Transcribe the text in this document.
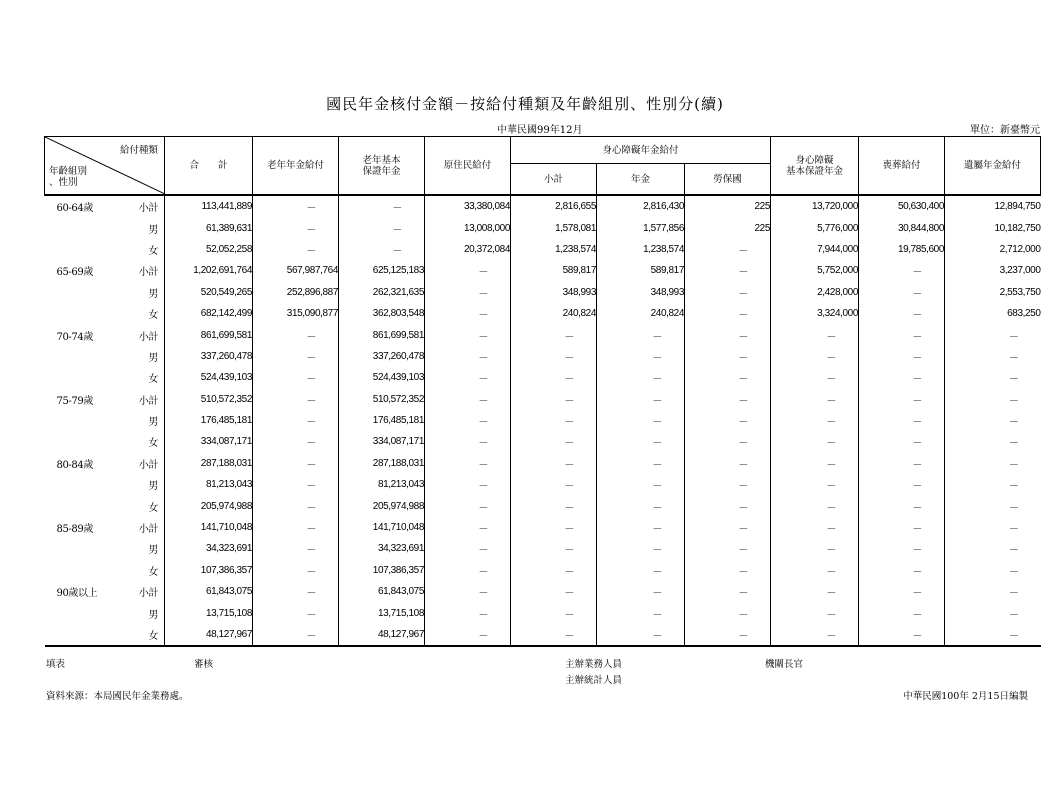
國民年金核付金額－按給付種類及年齡組別、性別分(續)
中華民國99年12月	單位：新臺幣元
給付種類
年齡組別
、性別		合　　計	老年年金給付	老年基本
保證年金	原住民給付	身心障礙年金給付			身心障礙
基本保證年金	喪葬給付	遺屬年金給付
						小計	年金	勞保國			
60-64歲	小計	113,441,889	－	－	33,380,084	2,816,655	2,816,430	225	13,720,000	50,630,400	12,894,750
	男	61,389,631	－	－	13,008,000	1,578,081	1,577,856	225	5,776,000	30,844,800	10,182,750
	女	52,052,258	－	－	20,372,084	1,238,574	1,238,574	－	7,944,000	19,785,600	2,712,000
65-69歲	小計	1,202,691,764	567,987,764	625,125,183	－	589,817	589,817	－	5,752,000	－	3,237,000
	男	520,549,265	252,896,887	262,321,635	－	348,993	348,993	－	2,428,000	－	2,553,750
	女	682,142,499	315,090,877	362,803,548	－	240,824	240,824	－	3,324,000	－	683,250
70-74歲	小計	861,699,581	－	861,699,581	－	－	－	－	－	－	－
	男	337,260,478	－	337,260,478	－	－	－	－	－	－	－
	女	524,439,103	－	524,439,103	－	－	－	－	－	－	－
75-79歲	小計	510,572,352	－	510,572,352	－	－	－	－	－	－	－
	男	176,485,181	－	176,485,181	－	－	－	－	－	－	－
	女	334,087,171	－	334,087,171	－	－	－	－	－	－	－
80-84歲	小計	287,188,031	－	287,188,031	－	－	－	－	－	－	－
	男	81,213,043	－	81,213,043	－	－	－	－	－	－	－
	女	205,974,988	－	205,974,988	－	－	－	－	－	－	－
85-89歲	小計	141,710,048	－	141,710,048	－	－	－	－	－	－	－
	男	34,323,691	－	34,323,691	－	－	－	－	－	－	－
	女	107,386,357	－	107,386,357	－	－	－	－	－	－	－
90歲以上	小計	61,843,075	－	61,843,075	－	－	－	－	－	－	－
	男	13,715,108	－	13,715,108	－	－	－	－	－	－	－
	女	48,127,967	－	48,127,967	－	－	－	－	－	－	－
填表	審核	主辦業務人員
主辦統計人員
機關長官
資料來源：本局國民年金業務處。	中華民國100年 2月15日編製
